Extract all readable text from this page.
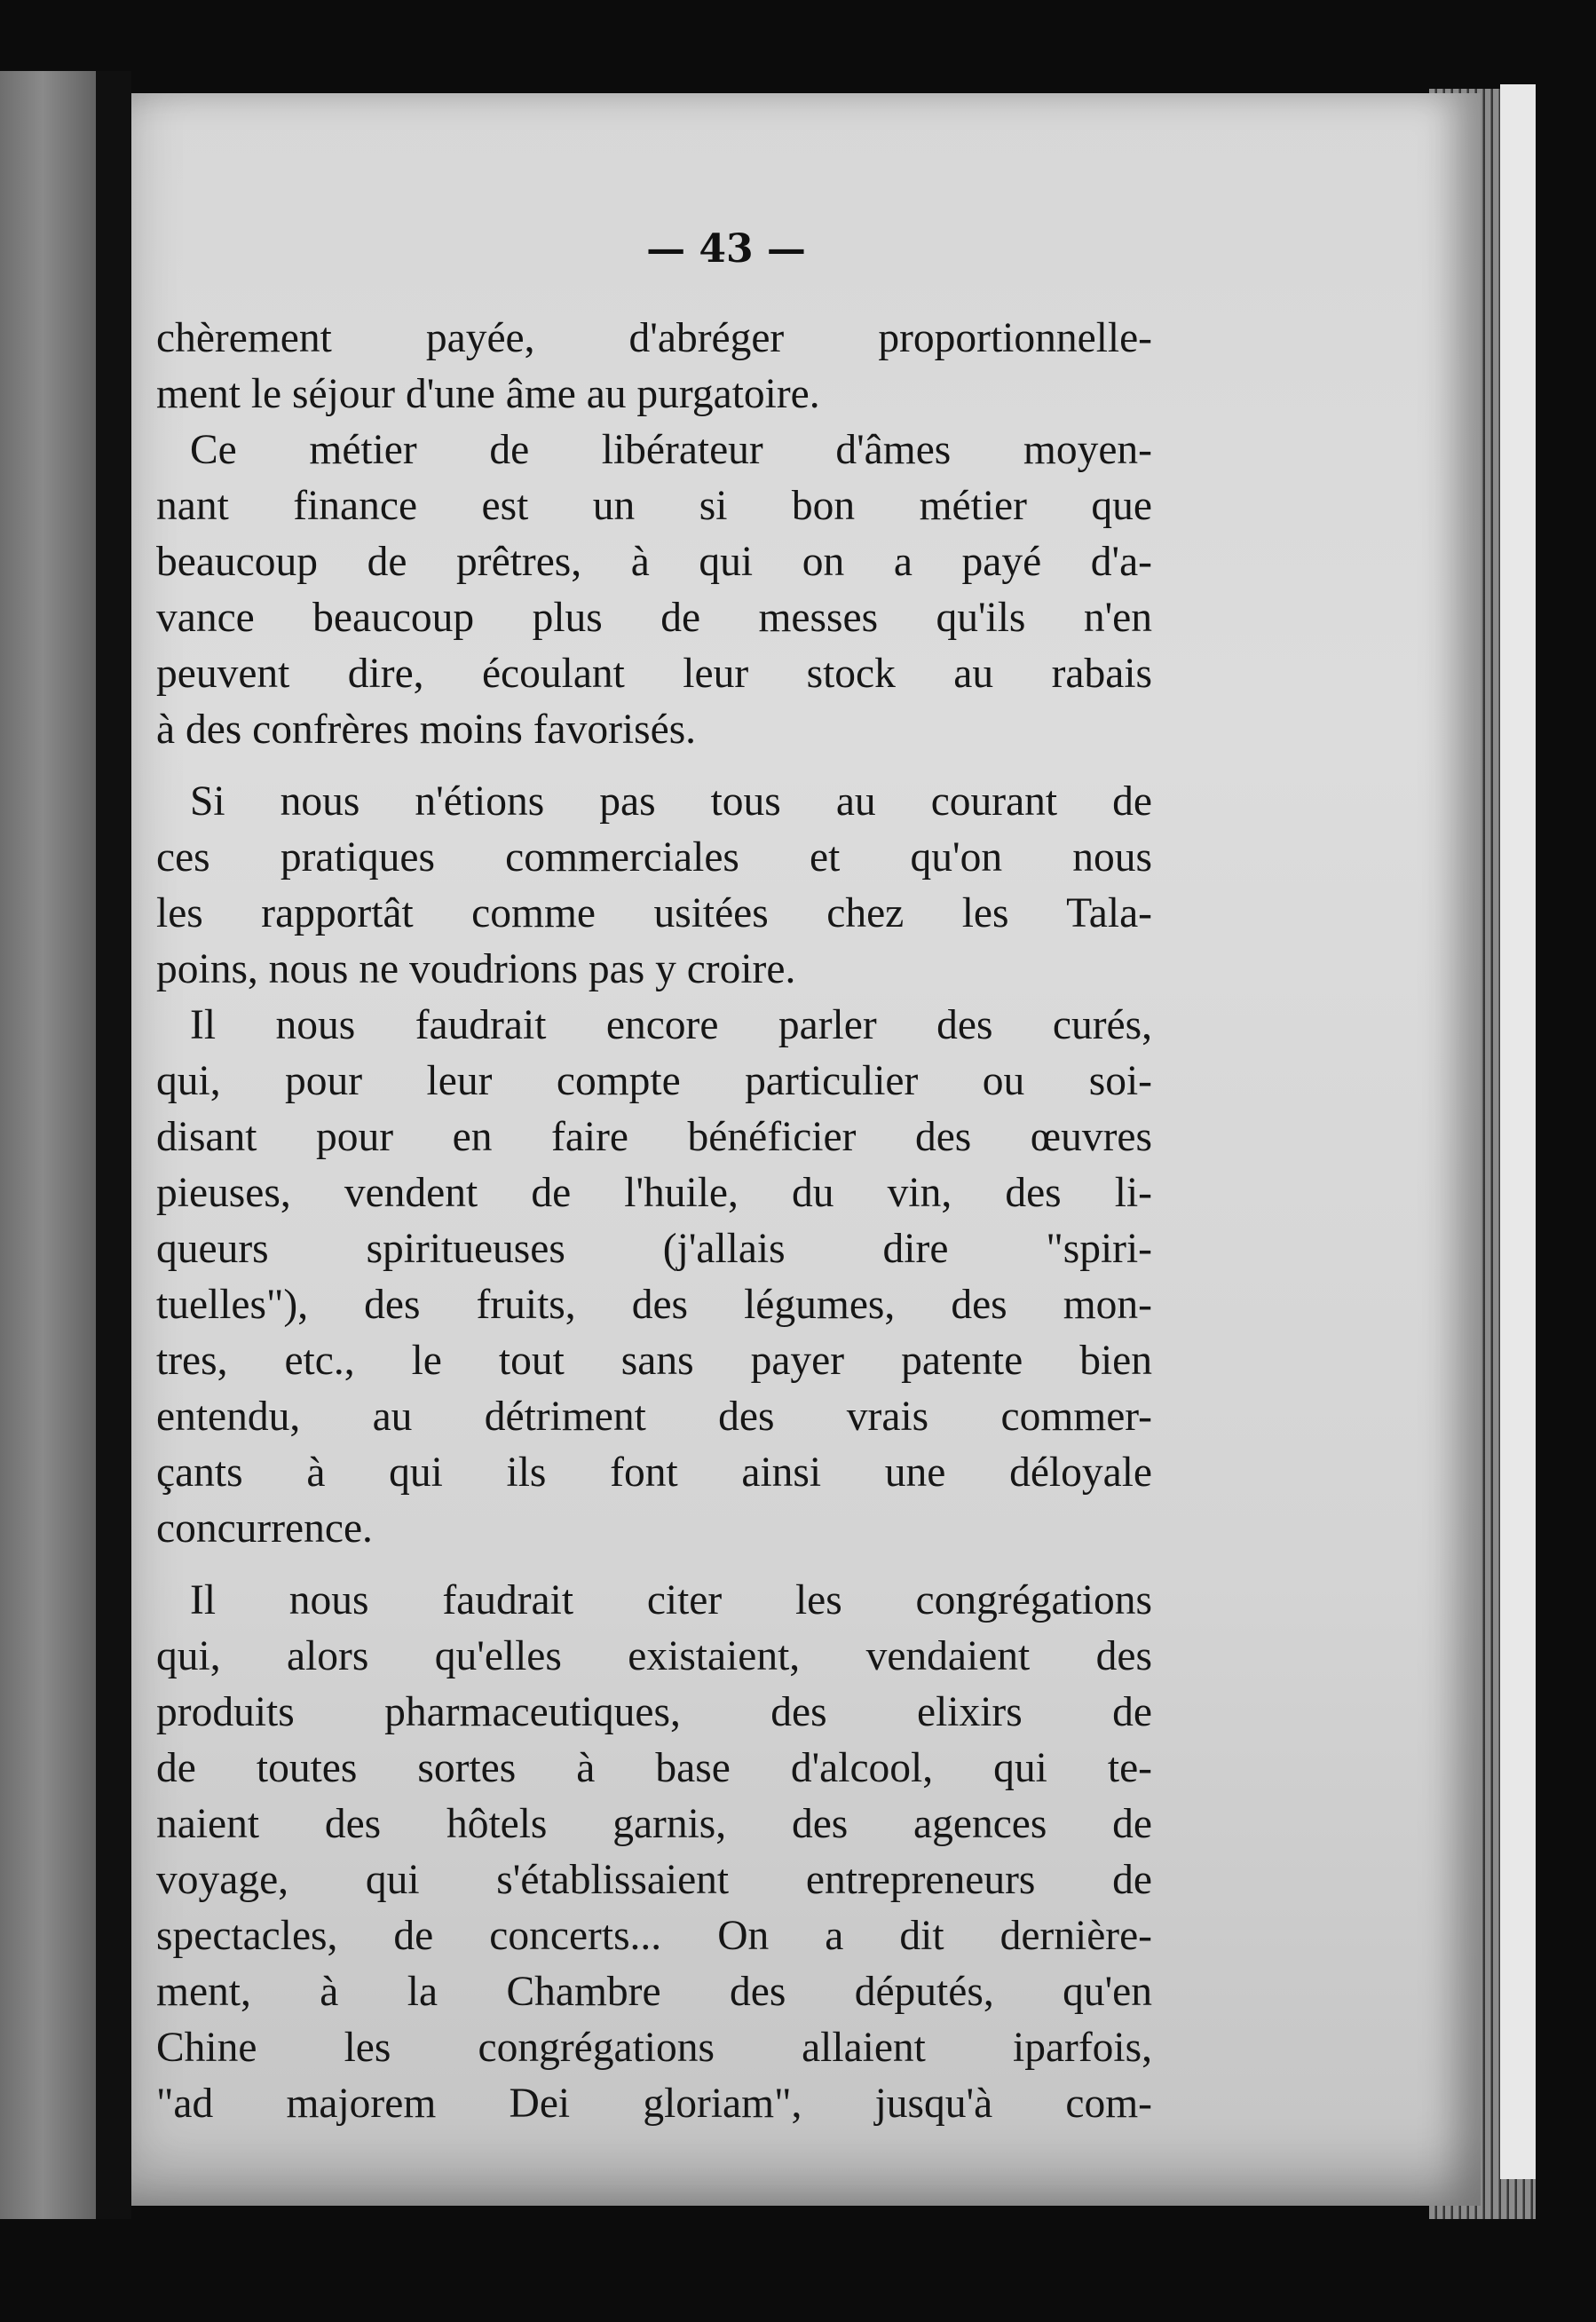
— 43 —

chèrement payée, d'abréger proportionnelle-
ment le séjour d'une âme au purgatoire.

Ce métier de libérateur d'âmes moyen-
nant finance est un si bon métier que
beaucoup de prêtres, à qui on a payé d'a-
vance beaucoup plus de messes qu'ils n'en
peuvent dire, écoulant leur stock au rabais
à des confrères moins favorisés.

Si nous n'étions pas tous au courant de
ces pratiques commerciales et qu'on nous
les rapportât comme usitées chez les Tala-
poins, nous ne voudrions pas y croire.

Il nous faudrait encore parler des curés,
qui, pour leur compte particulier ou soi-
disant pour en faire bénéficier des œuvres
pieuses, vendent de l'huile, du vin, des li-
queurs spiritueuses (j'allais dire "spiri-
tuelles"), des fruits, des légumes, des mon-
tres, etc., le tout sans payer patente bien
entendu, au détriment des vrais commer-
çants à qui ils font ainsi une déloyale
concurrence.

Il nous faudrait citer les congrégations
qui, alors qu'elles existaient, vendaient des
produits pharmaceutiques, des elixirs de
de toutes sortes à base d'alcool, qui te-
naient des hôtels garnis, des agences de
voyage, qui s'établissaient entrepreneurs de
spectacles, de concerts... On a dit dernière-
ment, à la Chambre des députés, qu'en
Chine les congrégations allaient iparfois,
"ad majorem Dei gloriam", jusqu'à com-
